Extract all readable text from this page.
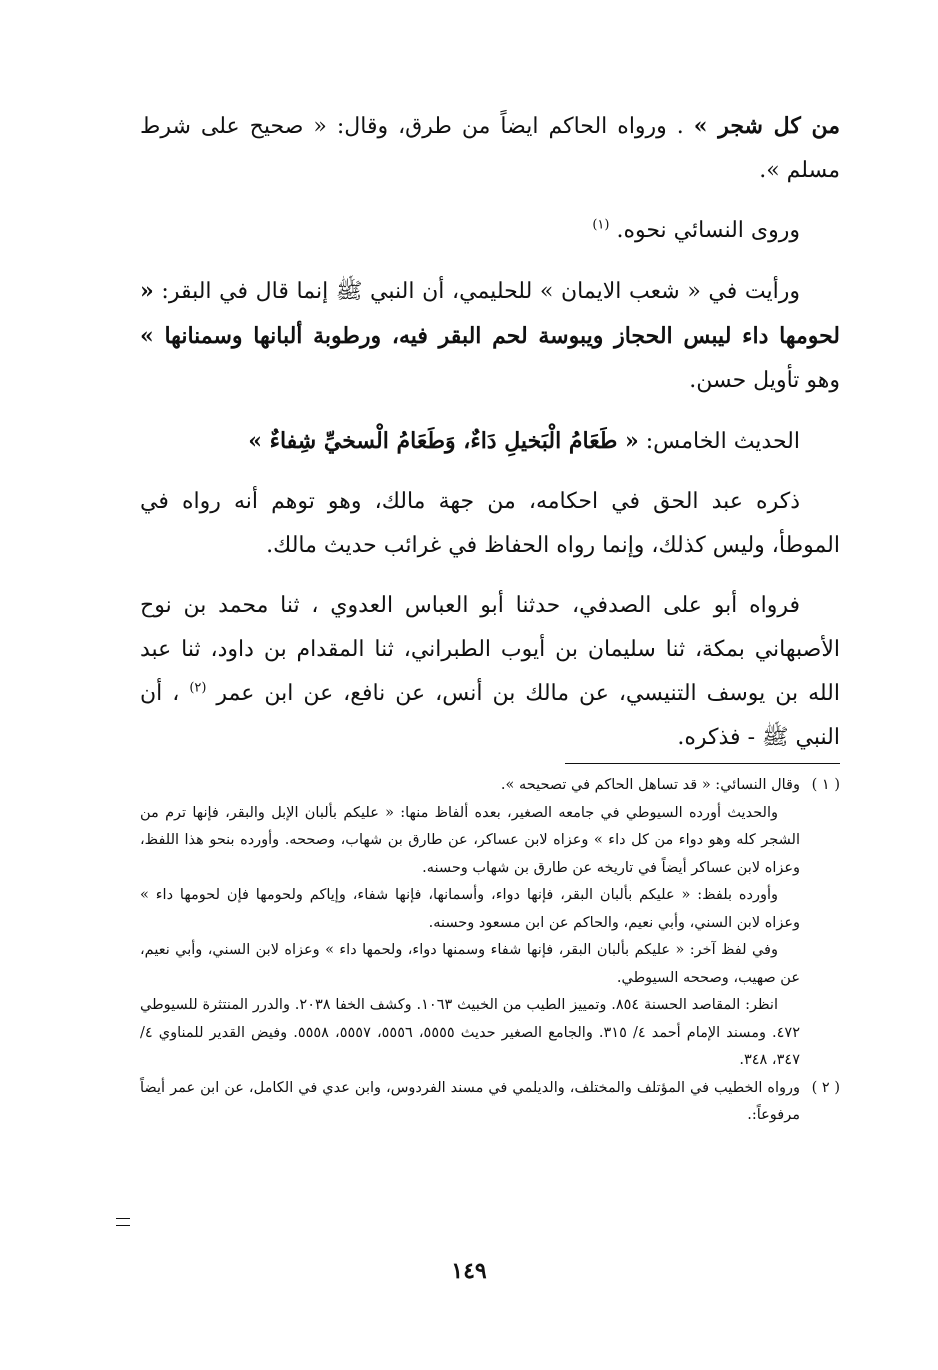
من كل شجر » . ورواه الحاكم ايضاً من طرق، وقال: « صحيح على شرط مسلم ».

وروى النسائي نحوه. $^{(١)}$

ورأيت في « شعب الايمان » للحليمي، أن النبي ﷺ إنما قال في البقر: « لحومها داء ليبس الحجاز ويبوسة لحم البقر فيه، ورطوبة ألبانها وسمنانها » وهو تأويل حسن.

الحديث الخامس: « طَعَامُ الْبَخيلِ دَاءٌ، وَطَعَامُ الْسخيِّ شِفاءٌ »

ذكره عبد الحق في احكامه، من جهة مالك، وهو توهم أنه رواه في الموطأ، وليس كذلك، وإنما رواه الحفاظ في غرائب حديث مالك.

فرواه أبو على الصدفي، حدثنا أبو العباس العدوي ، ثنا محمد بن نوح الأصبهاني بمكة، ثنا سليمان بن أيوب الطبراني، ثنا المقدام بن داود، ثنا عبد الله بن يوسف التنيسي، عن مالك بن أنس، عن نافع، عن ابن عمر $^{(٢)}$ ، أن النبي ﷺ - فذكره.

( ١ )

وقال النسائي: « قد تساهل الحاكم في تصحيحه ».

والحديث أورده السيوطي في جامعه الصغير، بعده ألفاظ منها: « عليكم بألبان الإبل والبقر، فإنها ترم من الشجر كله وهو دواء من كل داء » وعزاه لابن عساكر، عن طارق بن شهاب، وصححه. وأورده بنحو هذا اللفظ، وعزاه لابن عساكر أيضاً في تاريخه عن طارق بن شهاب وحسنه.

وأورده بلفظ: « عليكم بألبان البقر، فإنها دواء، وأسمانها، فإنها شفاء، وإياكم ولحومها فإن لحومها داء » وعزاه لابن السني، وأبي نعيم، والحاكم عن ابن مسعود وحسنه.

وفي لفظ آخر: « عليكم بألبان البقر، فإنها شفاء وسمنها دواء، ولحمها داء » وعزاه لابن السني، وأبي نعيم، عن صهيب، وصححه السيوطي.

انظر: المقاصد الحسنة ٨٥٤. وتمييز الطيب من الخبيث ١٠٦٣. وكشف الخفا ٢٠٣٨. والدرر المنتثرة للسيوطي ٤٧٢. ومسند الإمام أحمد ٤/ ٣١٥. والجامع الصغير حديث ٥٥٥٥، ٥٥٥٦، ٥٥٥٧، ٥٥٥٨. وفيض القدير للمناوي ٤/ ٣٤٧، ٣٤٨.

( ٢ )

ورواه الخطيب في المؤتلف والمختلف، والديلمي في مسند الفردوس، وابن عدي في الكامل، عن ابن عمر أيضاً مرفوعاً:.

١٤٩
